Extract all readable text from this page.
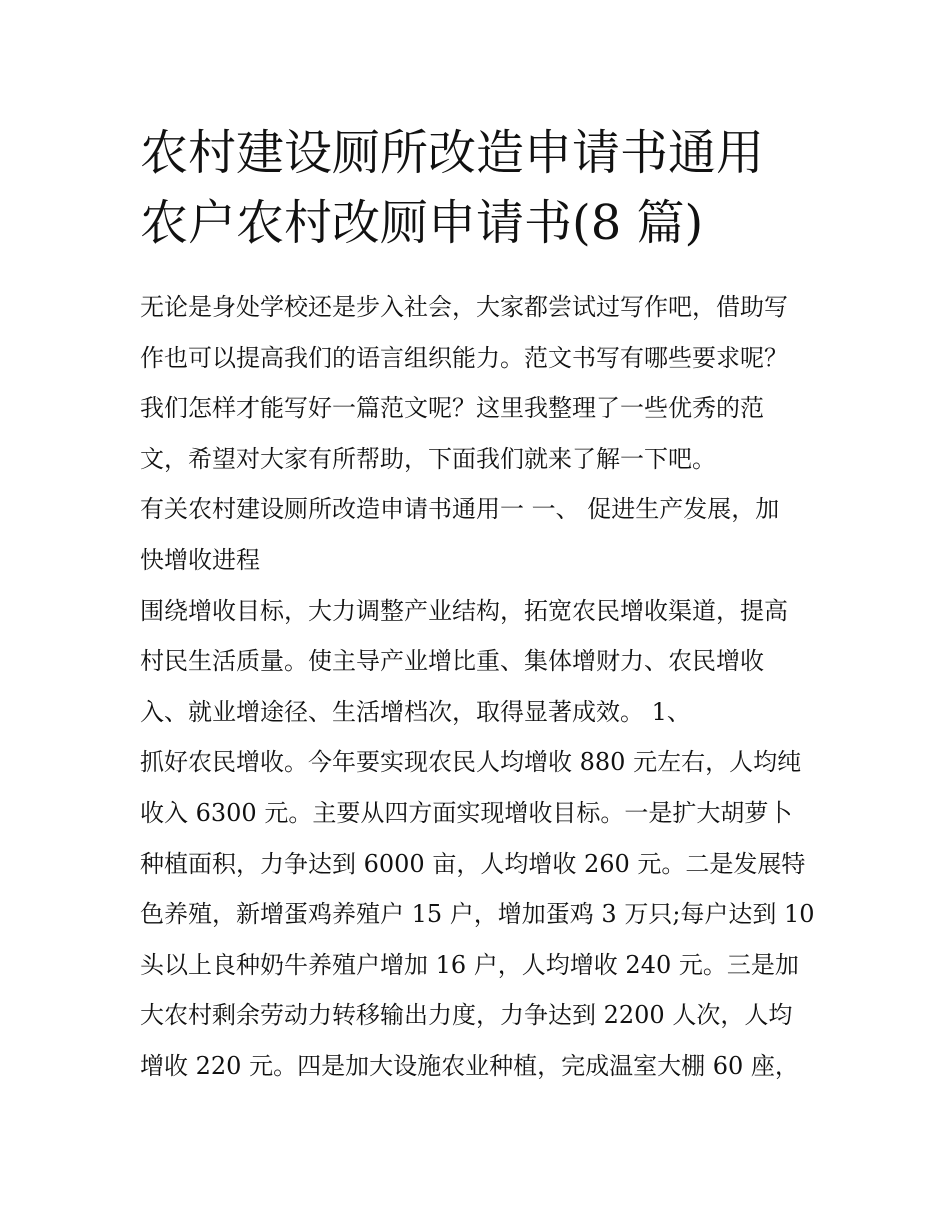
农村建设厕所改造申请书通用
农户农村改厕申请书(8 篇)
无论是身处学校还是步入社会，大家都尝试过写作吧，借助写
作也可以提高我们的语言组织能力。范文书写有哪些要求呢？
我们怎样才能写好一篇范文呢？这里我整理了一些优秀的范
文，希望对大家有所帮助，下面我们就来了解一下吧。
有关农村建设厕所改造申请书通用一 一、 促进生产发展，加
快增收进程
围绕增收目标，大力调整产业结构，拓宽农民增收渠道，提高
村民生活质量。使主导产业增比重、集体增财力、农民增收
入、就业增途径、生活增档次，取得显著成效。 1、
抓好农民增收。今年要实现农民人均增收 880 元左右，人均纯
收入 6300 元。主要从四方面实现增收目标。一是扩大胡萝卜
种植面积，力争达到 6000 亩，人均增收 260 元。二是发展特
色养殖，新增蛋鸡养殖户 15 户，增加蛋鸡 3 万只;每户达到 10
头以上良种奶牛养殖户增加 16 户，人均增收 240 元。三是加
大农村剩余劳动力转移输出力度，力争达到 2200 人次，人均
增收 220 元。四是加大设施农业种植，完成温室大棚 60 座，
